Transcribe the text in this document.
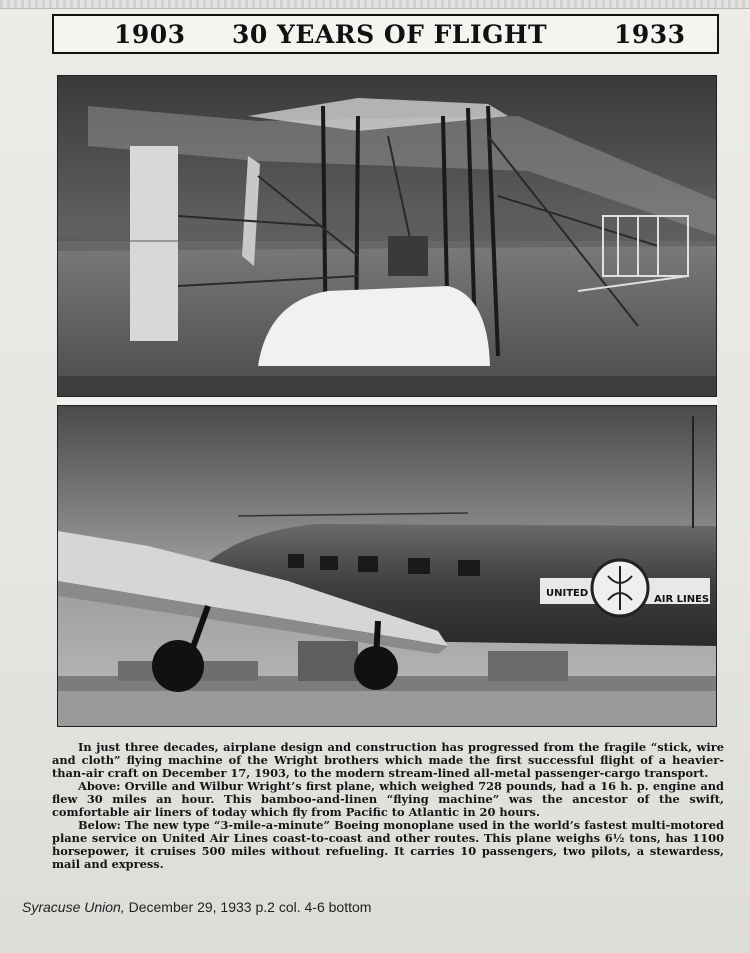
1903 30 YEARS OF FLIGHT	1933
UNITED
AIR LINES

In just three decades, airplane design and construction has progressed from the fragile “stick, wire and cloth” flying machine of the Wright brothers which made the first successful flight of a heavier-than-air craft on December 17, 1903, to the modern stream-lined all-metal passenger-cargo transport.

Above: Orville and Wilbur Wright’s first plane, which weighed 728 pounds, had a 16 h. p. engine and flew 30 miles an hour. This bamboo-and-linen “flying machine” was the ancestor of the swift, comfortable air liners of today which fly from Pacific to Atlantic in 20 hours.

Below: The new type “3-mile-a-minute” Boeing monoplane used in the world’s fastest multi-motored plane service on United Air Lines coast-to-coast and other routes. This plane weighs 6½ tons, has 1100 horsepower, it cruises 500 miles without refueling. It carries 10 passengers, two pilots, a stewardess, mail and express.

Syracuse Union, December 29, 1933 p.2 col. 4-6 bottom
